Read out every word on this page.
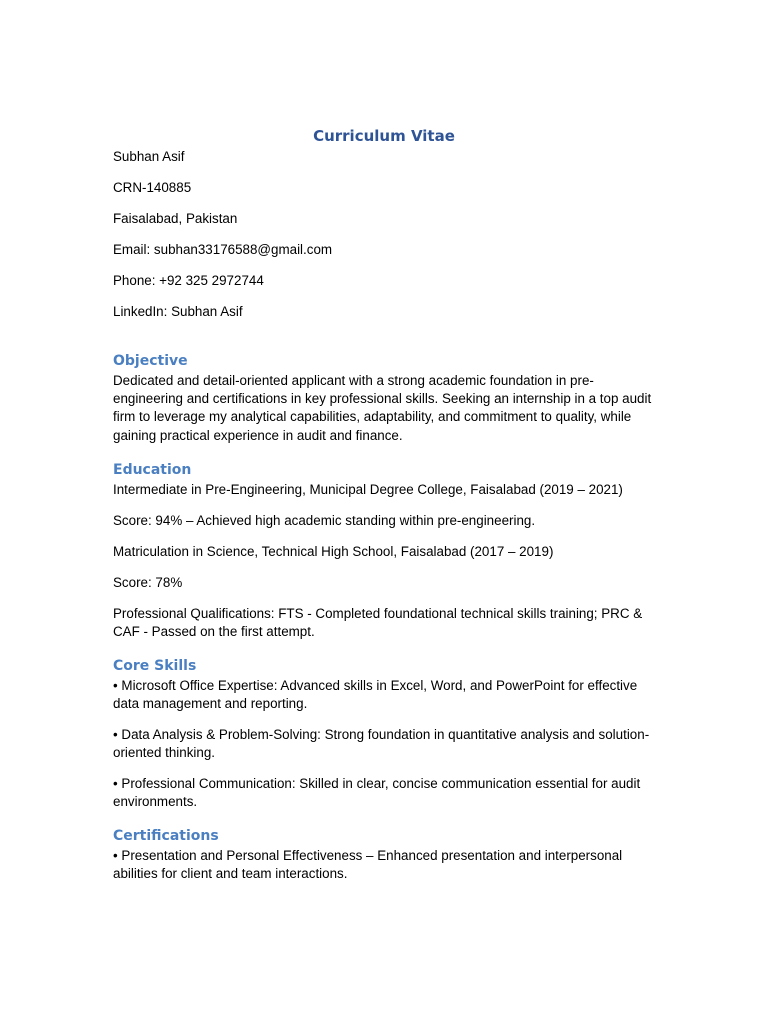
Curriculum Vitae

Subhan Asif

CRN-140885

Faisalabad, Pakistan

Email: subhan33176588@gmail.com

Phone: +92 325 2972744

LinkedIn: Subhan Asif

Objective

Dedicated and detail-oriented applicant with a strong academic foundation in pre-engineering and certifications in key professional skills. Seeking an internship in a top audit firm to leverage my analytical capabilities, adaptability, and commitment to quality, while gaining practical experience in audit and finance.

Education

Intermediate in Pre-Engineering, Municipal Degree College, Faisalabad (2019 – 2021)

Score: 94% – Achieved high academic standing within pre-engineering.

Matriculation in Science, Technical High School, Faisalabad (2017 – 2019)

Score: 78%

Professional Qualifications: FTS - Completed foundational technical skills training; PRC & CAF - Passed on the first attempt.

Core Skills

• Microsoft Office Expertise: Advanced skills in Excel, Word, and PowerPoint for effective data management and reporting.

• Data Analysis & Problem-Solving: Strong foundation in quantitative analysis and solution-oriented thinking.

• Professional Communication: Skilled in clear, concise communication essential for audit environments.

Certifications

• Presentation and Personal Effectiveness – Enhanced presentation and interpersonal abilities for client and team interactions.
